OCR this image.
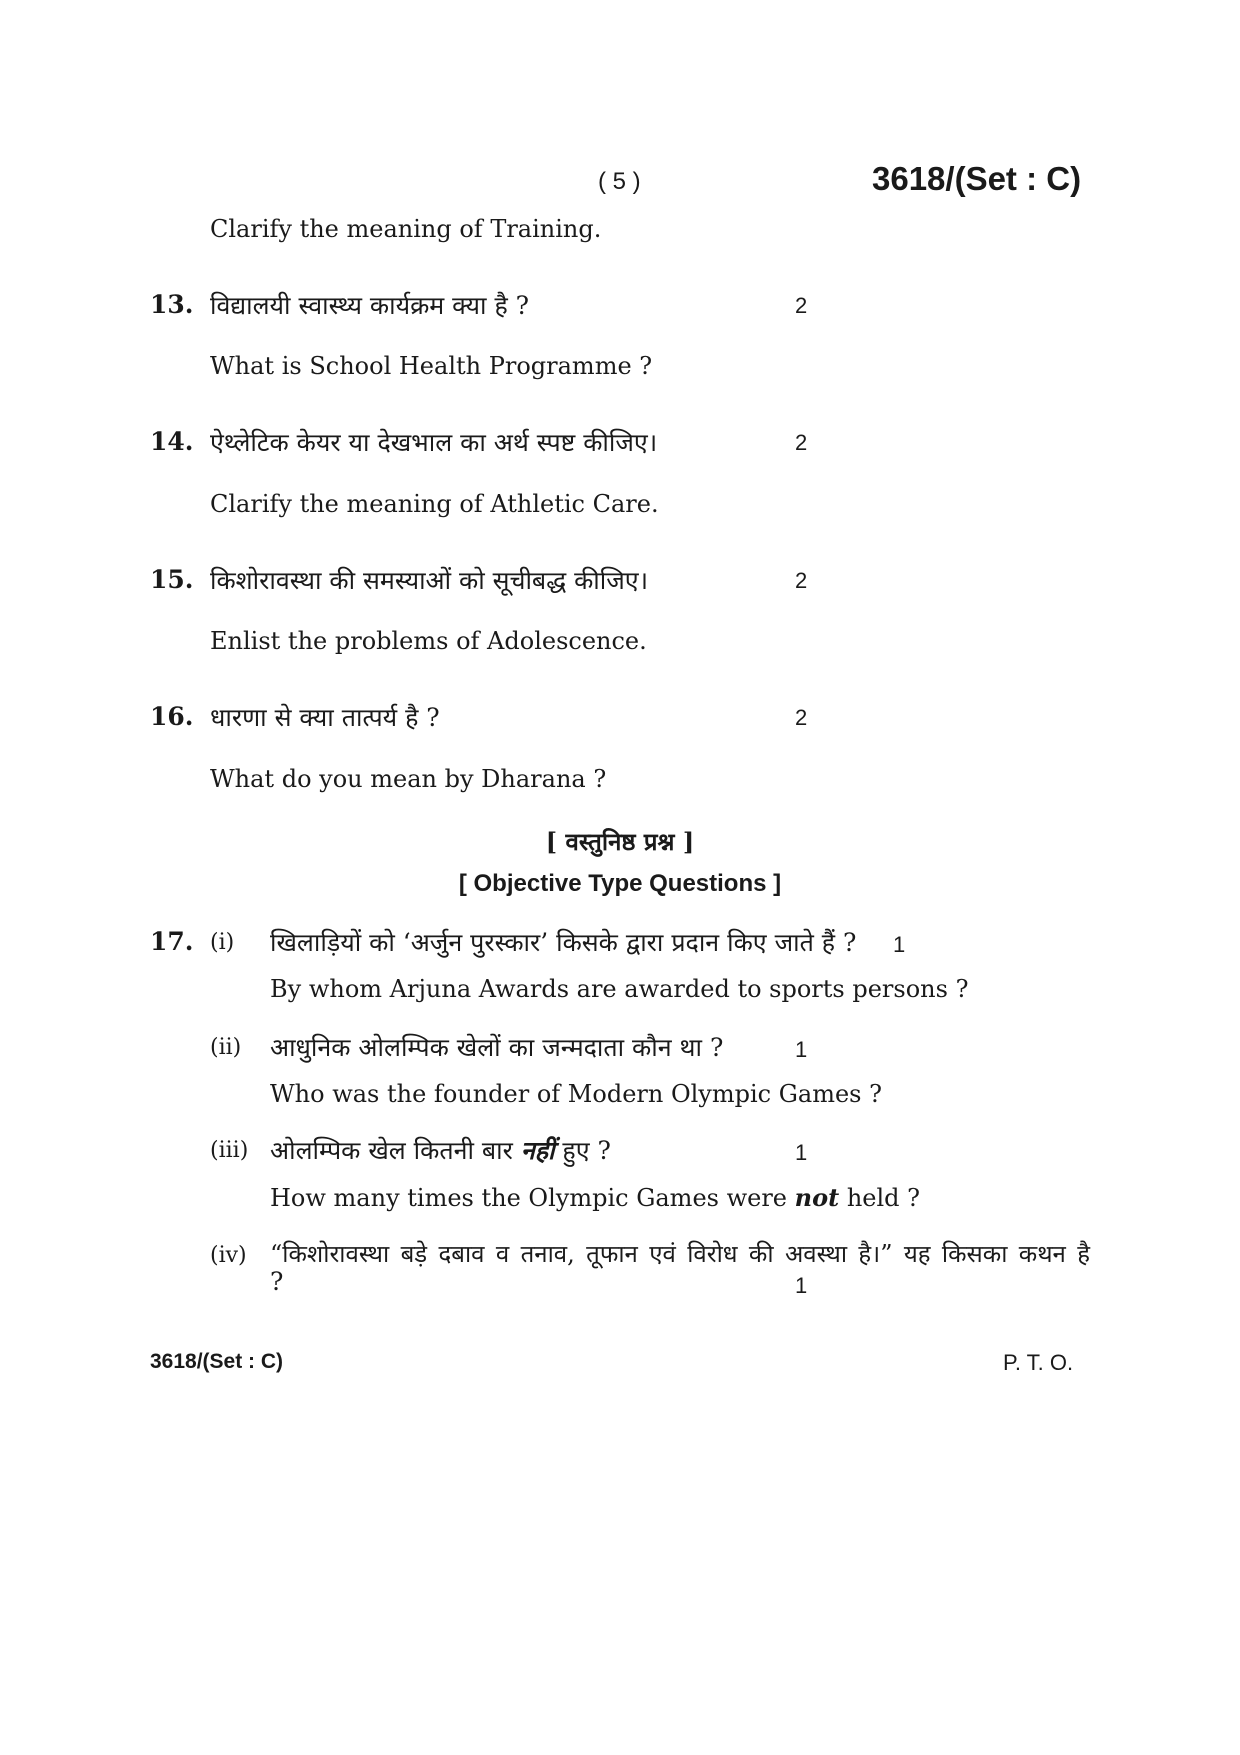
( 5 )	3618/(Set : C)
Clarify the meaning of Training.
13. विद्यालयी स्वास्थ्य कार्यक्रम क्या है ?	2
What is School Health Programme ?
14. ऐथ्लेटिक केयर या देखभाल का अर्थ स्पष्ट कीजिए।	2
Clarify the meaning of Athletic Care.
15. किशोरावस्था की समस्याओं को सूचीबद्ध कीजिए।	2
Enlist the problems of Adolescence.
16. धारणा से क्या तात्पर्य है ?	2
What do you mean by Dharana ?
[ वस्तुनिष्ठ प्रश्न ]
[ Objective Type Questions ]
17. (i) खिलाड़ियों को ‘अर्जुन पुरस्कार’ किसके द्वारा प्रदान किए जाते हैं ? 1
By whom Arjuna Awards are awarded to sports persons ?
(ii) आधुनिक ओलम्पिक खेलों का जन्मदाता कौन था ?	1
Who was the founder of Modern Olympic Games ?
(iii) ओलम्पिक खेल कितनी बार नहीं हुए ?	1
How many times the Olympic Games were not held ?
(iv) “किशोरावस्था बड़े दबाव व तनाव, तूफान एवं विरोध की अवस्था है।” यह किसका कथन है
?	1
3618/(Set : C)	P. T. O.
